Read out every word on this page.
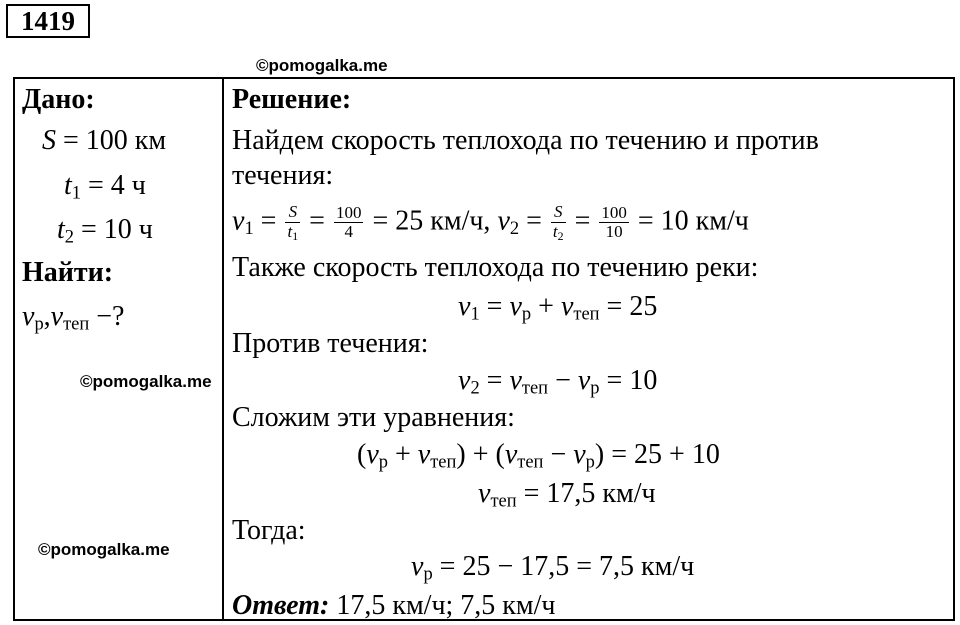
1419
©pomogalka.me
©pomogalka.me
©pomogalka.me
Дано:
S = 100 км
$t_1 = 4$ ч
$t_2 = 10$ ч
Найти:
$v_р,v_{теп}$ −?
Решение:
Найдем скорость теплохода по течению и против
течения:
$v_1 = \frac{S}{t_1} = \frac{100}{4} = 25$ км/ч, $v_2 = \frac{S}{t_2} = \frac{100}{10} = 10$ км/ч
Также скорость теплохода по течению реки:
$v_1 = v_р + v_{теп} = 25$
Против течения:
$v_2 = v_{теп} - v_р = 10$
Сложим эти уравнения:
$(v_р + v_{теп}) + (v_{теп} - v_р) = 25 + 10$
$v_{теп} = 17,5$ км/ч
Тогда:
$v_р = 25 - 17,5 = 7,5$ км/ч
Ответ: 17,5 км/ч; 7,5 км/ч
